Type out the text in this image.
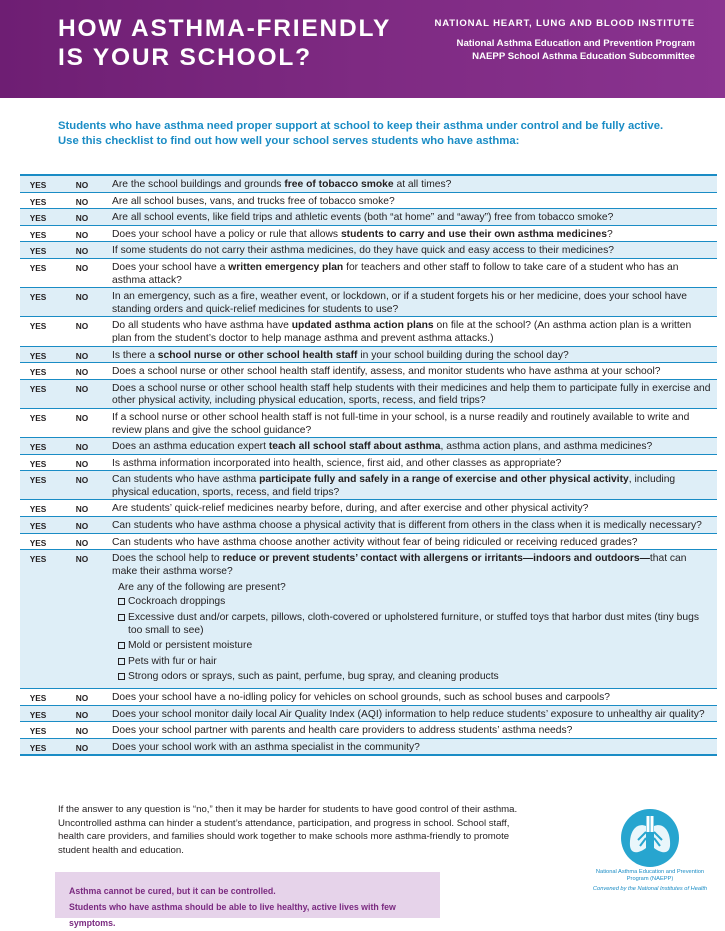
HOW ASTHMA-FRIENDLY
IS YOUR SCHOOL?
NATIONAL HEART, LUNG AND BLOOD INSTITUTE
National Asthma Education and Prevention Program
NAEPP School Asthma Education Subcommittee

Students who have asthma need proper support at school to keep their asthma under control and be fully active. Use this checklist to find out how well your school serves students who have asthma:

YES	NO	Are the school buildings and grounds free of tobacco smoke at all times?
YES	NO	Are all school buses, vans, and trucks free of tobacco smoke?
YES	NO	Are all school events, like field trips and athletic events (both “at home” and “away”) free from tobacco smoke?
YES	NO	Does your school have a policy or rule that allows students to carry and use their own asthma medicines?
YES	NO	If some students do not carry their asthma medicines, do they have quick and easy access to their medicines?
YES	NO	Does your school have a written emergency plan for teachers and other staff to follow to take care of a student who has an asthma attack?
YES	NO	In an emergency, such as a fire, weather event, or lockdown, or if a student forgets his or her medicine, does your school have standing orders and quick-relief medicines for students to use?
YES	NO	Do all students who have asthma have updated asthma action plans on file at the school? (An asthma action plan is a written plan from the student’s doctor to help manage asthma and prevent asthma attacks.)
YES	NO	Is there a school nurse or other school health staff in your school building during the school day?
YES	NO	Does a school nurse or other school health staff identify, assess, and monitor students who have asthma at your school?
YES	NO	Does a school nurse or other school health staff help students with their medicines and help them to participate fully in exercise and other physical activity, including physical education, sports, recess, and field trips?
YES	NO	If a school nurse or other school health staff is not full-time in your school, is a nurse readily and routinely available to write and review plans and give the school guidance?
YES	NO	Does an asthma education expert teach all school staff about asthma, asthma action plans, and asthma medicines?
YES	NO	Is asthma information incorporated into health, science, first aid, and other classes as appropriate?
YES	NO	Can students who have asthma participate fully and safely in a range of exercise and other physical activity, including physical education, sports, recess, and field trips?
YES	NO	Are students’ quick-relief medicines nearby before, during, and after exercise and other physical activity?
YES	NO	Can students who have asthma choose a physical activity that is different from others in the class when it is medically necessary?
YES	NO	Can students who have asthma choose another activity without fear of being ridiculed or receiving reduced grades?
YES	NO	Does the school help to reduce or prevent students’ contact with allergens or irritants—indoors and outdoors—that can make their asthma worse?
Are any of the following are present?
Cockroach droppings
Excessive dust and/or carpets, pillows, cloth-covered or upholstered furniture, or stuffed toys that harbor dust mites (tiny bugs too small to see)
Mold or persistent moisture
Pets with fur or hair
Strong odors or sprays, such as paint, perfume, bug spray, and cleaning products
YES	NO	Does your school have a no-idling policy for vehicles on school grounds, such as school buses and carpools?
YES	NO	Does your school monitor daily local Air Quality Index (AQI) information to help reduce students’ exposure to unhealthy air quality?
YES	NO	Does your school partner with parents and health care providers to address students’ asthma needs?
YES	NO	Does your school work with an asthma specialist in the community?

If the answer to any question is “no,” then it may be harder for students to have good control of their asthma. Uncontrolled asthma can hinder a student’s attendance, participation, and progress in school. School staff, health care providers, and families should work together to make schools more asthma-friendly to promote student health and education.

Asthma cannot be cured, but it can be controlled.
Students who have asthma should be able to live healthy, active lives with few symptoms.
National Asthma Education and Prevention Program (NAEPP)
Convened by the National Institutes of Health
